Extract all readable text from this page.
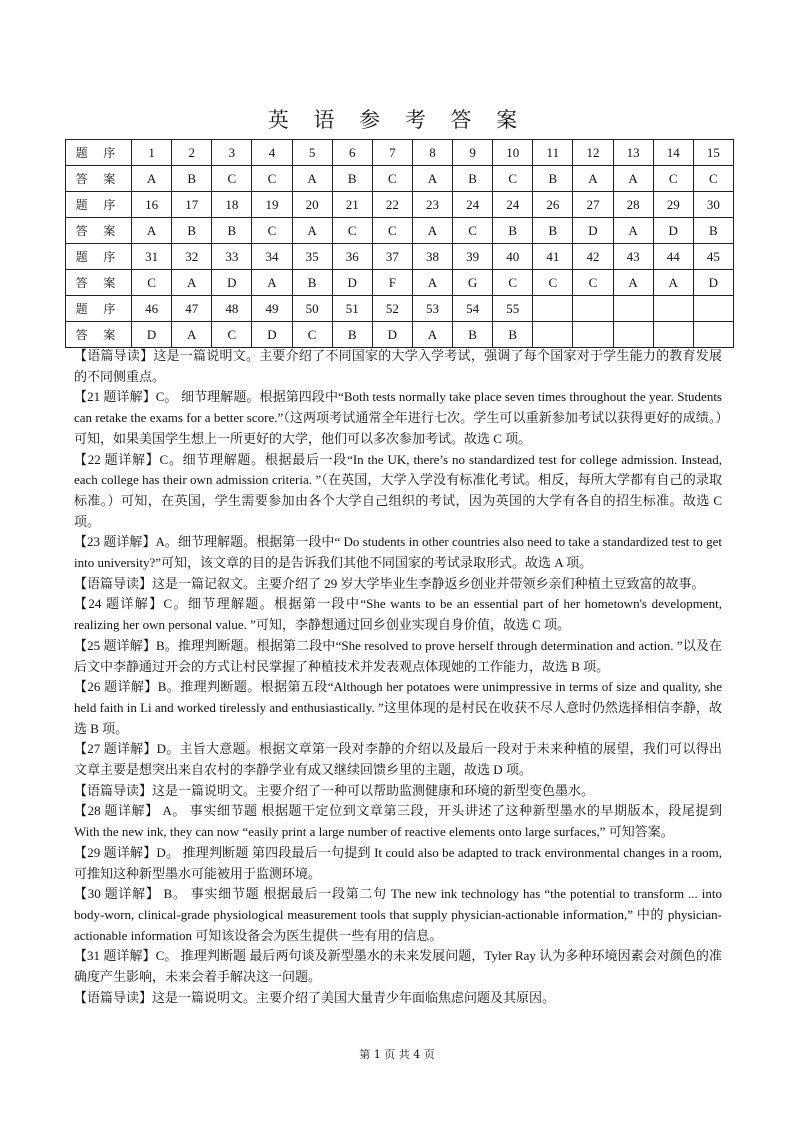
英 语 参 考 答 案
题 序	1	2	3	4	5	6	7	8	9	10	11	12	13	14	15
答 案	A	B	C	C	A	B	C	A	B	C	B	A	A	C	C
题 序	16	17	18	19	20	21	22	23	24	24	26	27	28	29	30
答 案	A	B	B	C	A	C	C	A	C	B	B	D	A	D	B
题 序	31	32	33	34	35	36	37	38	39	40	41	42	43	44	45
答 案	C	A	D	A	B	D	F	A	G	C	C	C	A	A	D
题 序	46	47	48	49	50	51	52	53	54	55					
答 案	D	A	C	D	C	B	D	A	B	B					

【语篇导读】这是一篇说明文。主要介绍了不同国家的大学入学考试，强调了每个国家对于学生能力的教育发展的不同侧重点。

【21 题详解】C。 细节理解题。根据第四段中“Both tests normally take place seven times throughout the year. Students can retake the exams for a better score.”（这两项考试通常全年进行七次。学生可以重新参加考试以获得更好的成绩。）可知，如果美国学生想上一所更好的大学，他们可以多次参加考试。故选 C 项。

【22 题详解】C。细节理解题。根据最后一段“In the UK, there’s no standardized test for college admission. Instead, each college has their own admission criteria. ”（在英国，大学入学没有标准化考试。相反，每所大学都有自己的录取标准。）可知，在英国，学生需要参加由各个大学自己组织的考试，因为英国的大学有各自的招生标准。故选 C 项。

【23 题详解】A。细节理解题。根据第一段中“ Do students in other countries also need to take a standardized test to get into university?”可知，该文章的目的是告诉我们其他不同国家的考试录取形式。故选 A 项。

【语篇导读】这是一篇记叙文。主要介绍了 29 岁大学毕业生李静返乡创业并带领乡亲们种植土豆致富的故事。

【24 题详解】C。细节理解题。根据第一段中“She wants to be an essential part of her hometown's development, realizing her own personal value. ”可知，李静想通过回乡创业实现自身价值，故选 C 项。

【25 题详解】B。推理判断题。根据第二段中“She resolved to prove herself through determination and action. ”以及在后文中李静通过开会的方式让村民掌握了种植技术并发表观点体现她的工作能力，故选 B 项。

【26 题详解】B。推理判断题。根据第五段“Although her potatoes were unimpressive in terms of size and quality, she held faith in Li and worked tirelessly and enthusiastically. ”这里体现的是村民在收获不尽人意时仍然选择相信李静，故选 B 项。

【27 题详解】D。主旨大意题。根据文章第一段对李静的介绍以及最后一段对于未来种植的展望，我们可以得出文章主要是想突出来自农村的李静学业有成又继续回馈乡里的主题，故选 D 项。

【语篇导读】这是一篇说明文。主要介绍了一种可以帮助监测健康和环境的新型变色墨水。

【28 题详解】 A。 事实细节题 根据题干定位到文章第三段，开头讲述了这种新型墨水的早期版本，段尾提到 With the new ink, they can now “easily print a large number of reactive elements onto large surfaces,” 可知答案。

【29 题详解】D。 推理判断题 第四段最后一句提到 It could also be adapted to track environmental changes in a room,可推知这种新型墨水可能被用于监测环境。

【30 题详解】 B。 事实细节题 根据最后一段第二句 The new ink technology has “the potential to transform ... into body-worn, clinical-grade physiological measurement tools that supply physician-actionable information,” 中的 physician-actionable information 可知该设备会为医生提供一些有用的信息。

【31 题详解】C。 推理判断题 最后两句谈及新型墨水的未来发展问题，Tyler Ray 认为多种环境因素会对颜色的准确度产生影响，未来会着手解决这一问题。

【语篇导读】这是一篇说明文。主要介绍了美国大量青少年面临焦虑问题及其原因。

第 1 页 共 4 页
